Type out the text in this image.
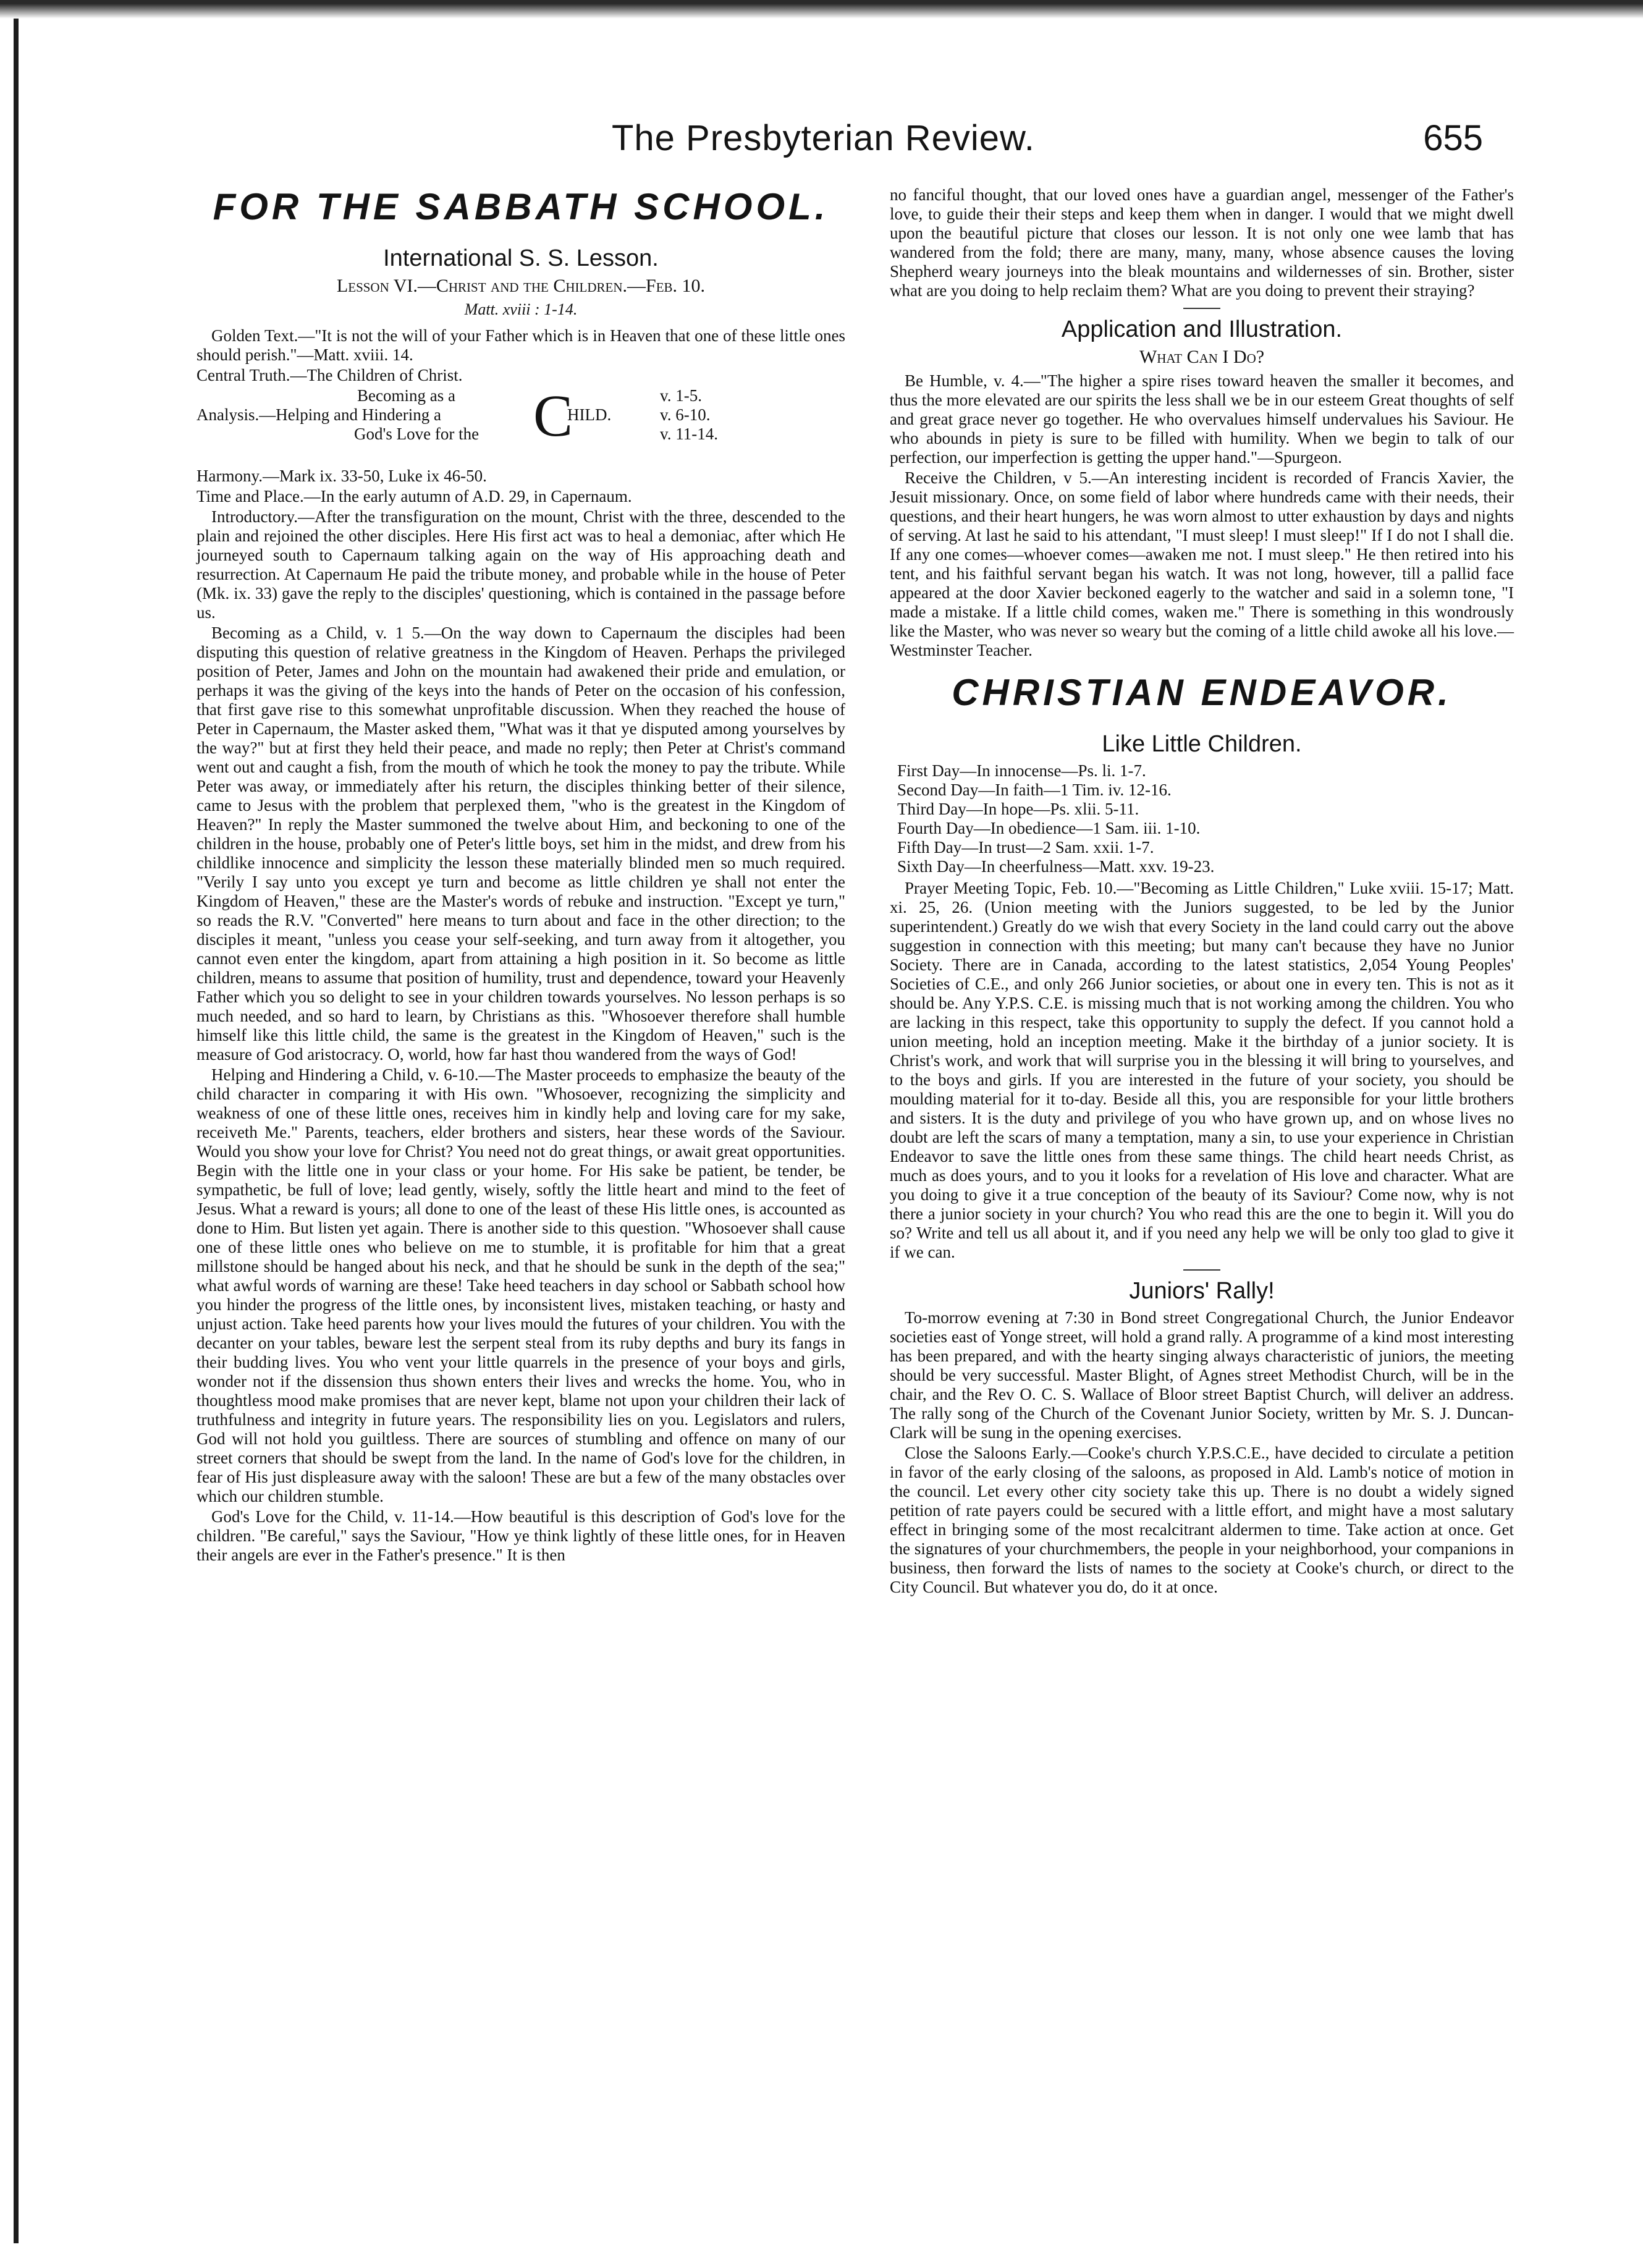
The Presbyterian Review.	655
FOR THE SABBATH SCHOOL.
International S. S. Lesson.
Lesson VI.—Christ and the Children.—Feb. 10.
Matt. xviii : 1-14.

Golden Text.—"It is not the will of your Father which is in Heaven that one of these little ones should perish."—Matt. xviii. 14.

Central Truth.—The Children of Christ.

Becoming as a
Analysis.—Helping and Hindering a
God's Love for the C
HILD.
v. 1-5.
v. 6-10.
v. 11-14.

Harmony.—Mark ix. 33-50, Luke ix 46-50.

Time and Place.—In the early autumn of A.D. 29, in Capernaum.

Introductory.—After the transfiguration on the mount, Christ with the three, descended to the plain and rejoined the other disciples. Here His first act was to heal a demoniac, after which He journeyed south to Capernaum talking again on the way of His approaching death and resurrection. At Capernaum He paid the tribute money, and probable while in the house of Peter (Mk. ix. 33) gave the reply to the disciples' questioning, which is contained in the passage before us.

Becoming as a Child, v. 1 5.—On the way down to Capernaum the disciples had been disputing this question of relative greatness in the Kingdom of Heaven. Perhaps the privileged position of Peter, James and John on the mountain had awakened their pride and emulation, or perhaps it was the giving of the keys into the hands of Peter on the occasion of his confession, that first gave rise to this somewhat unprofitable discussion. When they reached the house of Peter in Capernaum, the Master asked them, "What was it that ye disputed among yourselves by the way?" but at first they held their peace, and made no reply; then Peter at Christ's command went out and caught a fish, from the mouth of which he took the money to pay the tribute. While Peter was away, or immediately after his return, the disciples thinking better of their silence, came to Jesus with the problem that perplexed them, "who is the greatest in the Kingdom of Heaven?" In reply the Master summoned the twelve about Him, and beckoning to one of the children in the house, probably one of Peter's little boys, set him in the midst, and drew from his childlike innocence and simplicity the lesson these materially blinded men so much required. "Verily I say unto you except ye turn and become as little children ye shall not enter the Kingdom of Heaven," these are the Master's words of rebuke and instruction. "Except ye turn," so reads the R.V. "Converted" here means to turn about and face in the other direction; to the disciples it meant, "unless you cease your self-seeking, and turn away from it altogether, you cannot even enter the kingdom, apart from attaining a high position in it. So become as little children, means to assume that position of humility, trust and dependence, toward your Heavenly Father which you so delight to see in your children towards yourselves. No lesson perhaps is so much needed, and so hard to learn, by Christians as this. "Whosoever therefore shall humble himself like this little child, the same is the greatest in the Kingdom of Heaven," such is the measure of God aristocracy. O, world, how far hast thou wandered from the ways of God!

Helping and Hindering a Child, v. 6-10.—The Master proceeds to emphasize the beauty of the child character in comparing it with His own. "Whosoever, recognizing the simplicity and weakness of one of these little ones, receives him in kindly help and loving care for my sake, receiveth Me." Parents, teachers, elder brothers and sisters, hear these words of the Saviour. Would you show your love for Christ? You need not do great things, or await great opportunities. Begin with the little one in your class or your home. For His sake be patient, be tender, be sympathetic, be full of love; lead gently, wisely, softly the little heart and mind to the feet of Jesus. What a reward is yours; all done to one of the least of these His little ones, is accounted as done to Him. But listen yet again. There is another side to this question. "Whosoever shall cause one of these little ones who believe on me to stumble, it is profitable for him that a great millstone should be hanged about his neck, and that he should be sunk in the depth of the sea;" what awful words of warning are these! Take heed teachers in day school or Sabbath school how you hinder the progress of the little ones, by inconsistent lives, mistaken teaching, or hasty and unjust action. Take heed parents how your lives mould the futures of your children. You with the decanter on your tables, beware lest the serpent steal from its ruby depths and bury its fangs in their budding lives. You who vent your little quarrels in the presence of your boys and girls, wonder not if the dissension thus shown enters their lives and wrecks the home. You, who in thoughtless mood make promises that are never kept, blame not upon your children their lack of truthfulness and integrity in future years. The responsibility lies on you. Legislators and rulers, God will not hold you guiltless. There are sources of stumbling and offence on many of our street corners that should be swept from the land. In the name of God's love for the children, in fear of His just displeasure away with the saloon! These are but a few of the many obstacles over which our children stumble.

God's Love for the Child, v. 11-14.—How beautiful is this description of God's love for the children. "Be careful," says the Saviour, "How ye think lightly of these little ones, for in Heaven their angels are ever in the Father's presence." It is then

no fanciful thought, that our loved ones have a guardian angel, messenger of the Father's love, to guide their their steps and keep them when in danger. I would that we might dwell upon the beautiful picture that closes our lesson. It is not only one wee lamb that has wandered from the fold; there are many, many, many, whose absence causes the loving Shepherd weary journeys into the bleak mountains and wildernesses of sin. Brother, sister what are you doing to help reclaim them? What are you doing to prevent their straying?

Application and Illustration.
What Can I Do?

Be Humble, v. 4.—"The higher a spire rises toward heaven the smaller it becomes, and thus the more elevated are our spirits the less shall we be in our esteem Great thoughts of self and great grace never go together. He who overvalues himself undervalues his Saviour. He who abounds in piety is sure to be filled with humility. When we begin to talk of our perfection, our imperfection is getting the upper hand."—Spurgeon.

Receive the Children, v 5.—An interesting incident is recorded of Francis Xavier, the Jesuit missionary. Once, on some field of labor where hundreds came with their needs, their questions, and their heart hungers, he was worn almost to utter exhaustion by days and nights of serving. At last he said to his attendant, "I must sleep! I must sleep!" If I do not I shall die. If any one comes—whoever comes—awaken me not. I must sleep." He then retired into his tent, and his faithful servant began his watch. It was not long, however, till a pallid face appeared at the door Xavier beckoned eagerly to the watcher and said in a solemn tone, "I made a mistake. If a little child comes, waken me." There is something in this wondrously like the Master, who was never so weary but the coming of a little child awoke all his love.—Westminster Teacher.

CHRISTIAN ENDEAVOR.
Like Little Children.
First Day—In innocense—Ps. li. 1-7.
Second Day—In faith—1 Tim. iv. 12-16.
Third Day—In hope—Ps. xlii. 5-11.
Fourth Day—In obedience—1 Sam. iii. 1-10.
Fifth Day—In trust—2 Sam. xxii. 1-7.
Sixth Day—In cheerfulness—Matt. xxv. 19-23.

Prayer Meeting Topic, Feb. 10.—"Becoming as Little Children," Luke xviii. 15-17; Matt. xi. 25, 26. (Union meeting with the Juniors suggested, to be led by the Junior superintendent.) Greatly do we wish that every Society in the land could carry out the above suggestion in connection with this meeting; but many can't because they have no Junior Society. There are in Canada, according to the latest statistics, 2,054 Young Peoples' Societies of C.E., and only 266 Junior societies, or about one in every ten. This is not as it should be. Any Y.P.S. C.E. is missing much that is not working among the children. You who are lacking in this respect, take this opportunity to supply the defect. If you cannot hold a union meeting, hold an inception meeting. Make it the birthday of a junior society. It is Christ's work, and work that will surprise you in the blessing it will bring to yourselves, and to the boys and girls. If you are interested in the future of your society, you should be moulding material for it to-day. Beside all this, you are responsible for your little brothers and sisters. It is the duty and privilege of you who have grown up, and on whose lives no doubt are left the scars of many a temptation, many a sin, to use your experience in Christian Endeavor to save the little ones from these same things. The child heart needs Christ, as much as does yours, and to you it looks for a revelation of His love and character. What are you doing to give it a true conception of the beauty of its Saviour? Come now, why is not there a junior society in your church? You who read this are the one to begin it. Will you do so? Write and tell us all about it, and if you need any help we will be only too glad to give it if we can.

Juniors' Rally!

To-morrow evening at 7:30 in Bond street Congregational Church, the Junior Endeavor societies east of Yonge street, will hold a grand rally. A programme of a kind most interesting has been prepared, and with the hearty singing always characteristic of juniors, the meeting should be very successful. Master Blight, of Agnes street Methodist Church, will be in the chair, and the Rev O. C. S. Wallace of Bloor street Baptist Church, will deliver an address. The rally song of the Church of the Covenant Junior Society, written by Mr. S. J. Duncan-Clark will be sung in the opening exercises.

Close the Saloons Early.—Cooke's church Y.P.S.C.E., have decided to circulate a petition in favor of the early closing of the saloons, as proposed in Ald. Lamb's notice of motion in the council. Let every other city society take this up. There is no doubt a widely signed petition of rate payers could be secured with a little effort, and might have a most salutary effect in bringing some of the most recalcitrant aldermen to time. Take action at once. Get the signatures of your churchmembers, the people in your neighborhood, your companions in business, then forward the lists of names to the society at Cooke's church, or direct to the City Council. But whatever you do, do it at once.
